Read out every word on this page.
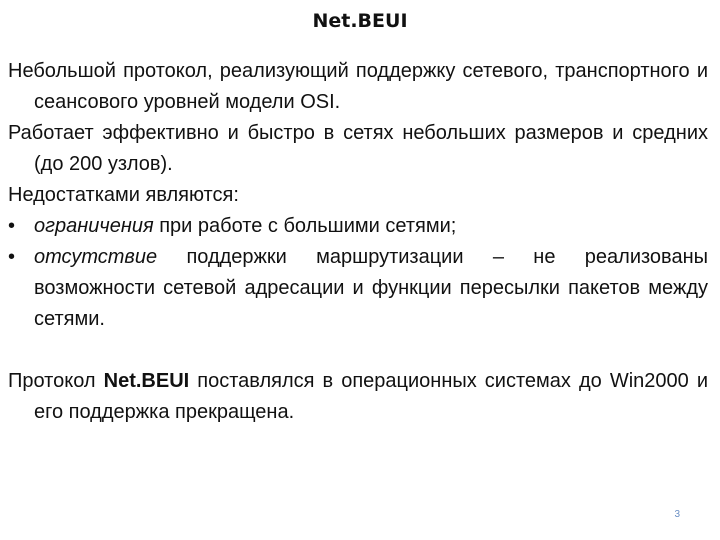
Net.BEUI

Небольшой протокол, реализующий поддержку сетевого, транспортного и сеансового уровней модели OSI.

Работает эффективно и быстро в сетях небольших размеров и средних (до 200 узлов).

Недостатками являются:

• ограничения при работе с большими сетями;

• отсутствие поддержки маршрутизации – не реализованы возможности сетевой адресации и функции пересылки пакетов между сетями.

Протокол Net.BEUI поставлялся в операционных системах до Win2000 и его поддержка прекращена.

3
